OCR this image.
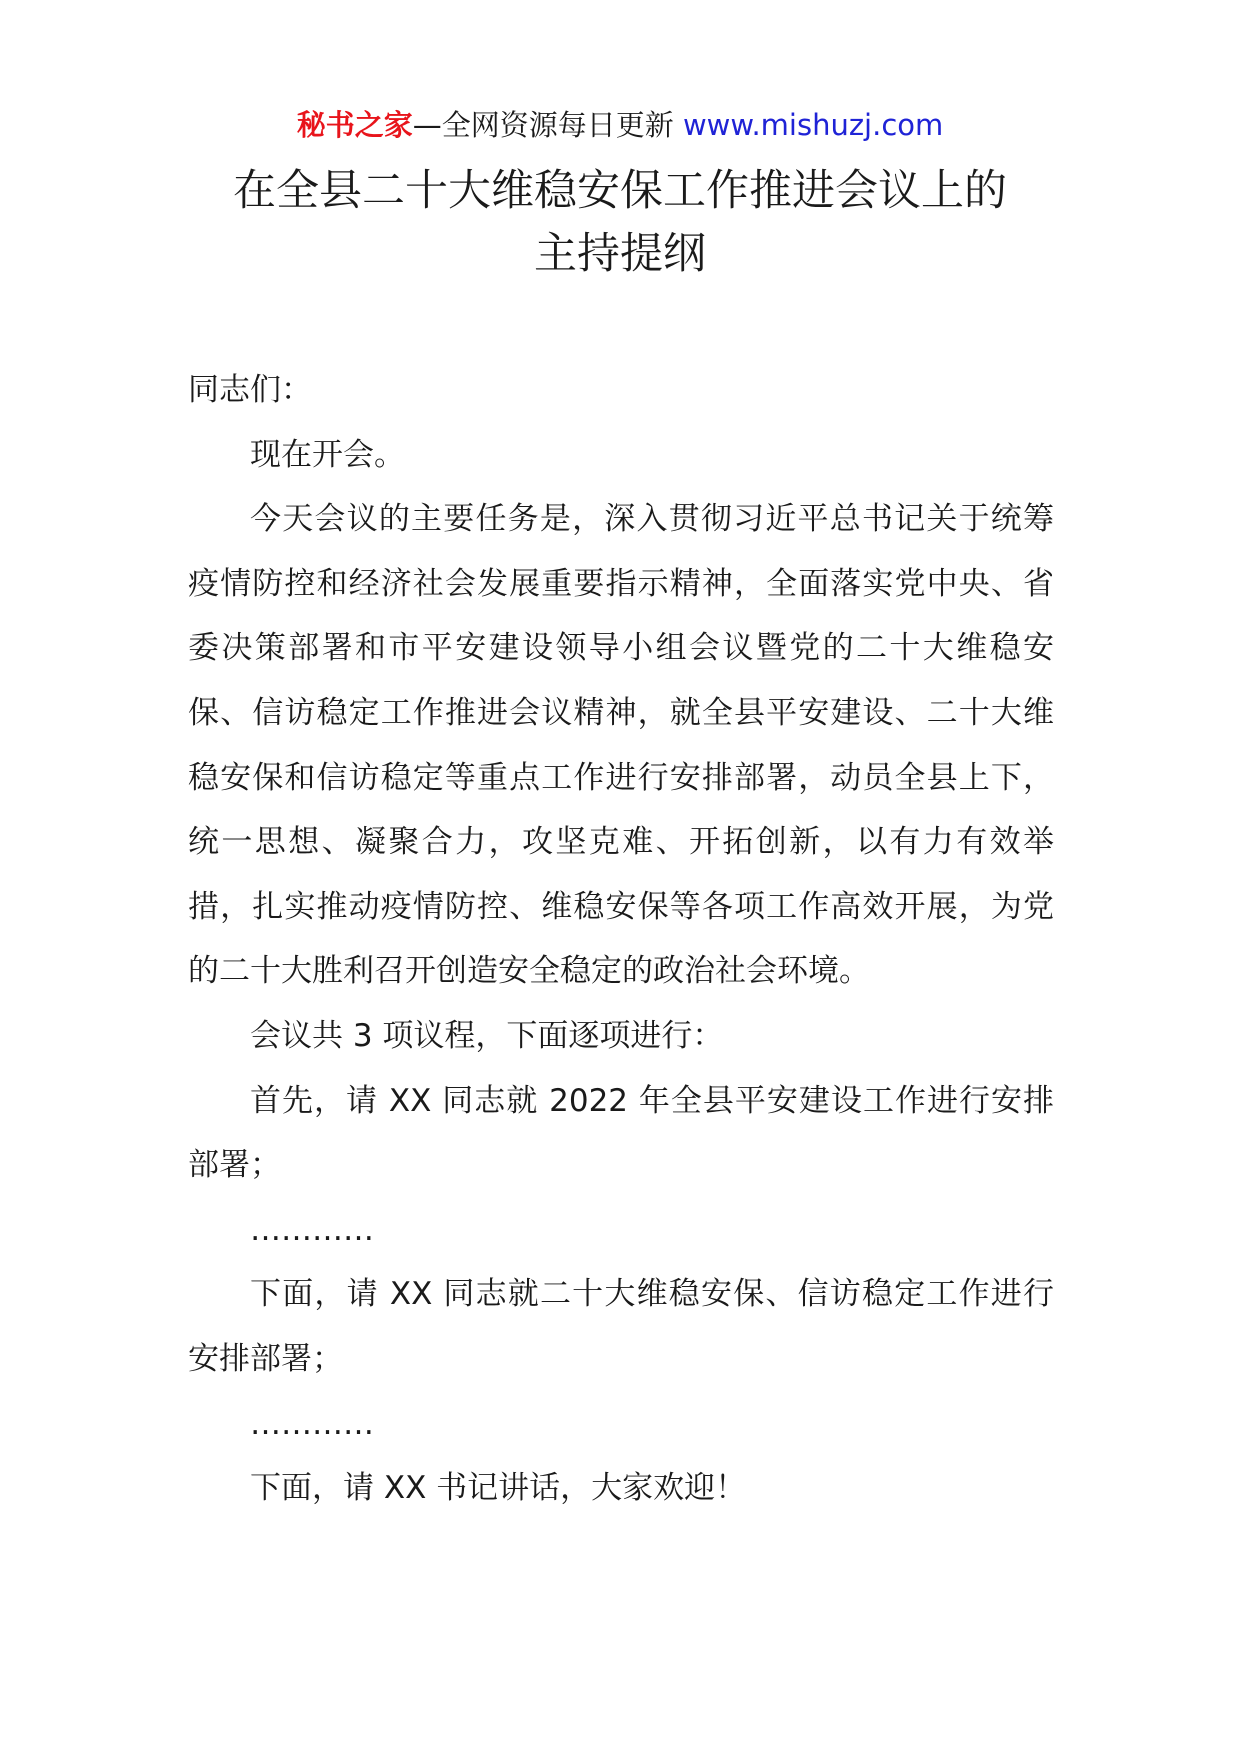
秘书之家—全网资源每日更新 www.mishuzj.com
在全县二十大维稳安保工作推进会议上的
主持提纲

同志们：

现在开会。

今天会议的主要任务是，深入贯彻习近平总书记关于统筹疫情防控和经济社会发展重要指示精神，全面落实党中央、省委决策部署和市平安建设领导小组会议暨党的二十大维稳安保、信访稳定工作推进会议精神，就全县平安建设、二十大维稳安保和信访稳定等重点工作进行安排部署，动员全县上下，统一思想、凝聚合力，攻坚克难、开拓创新，以有力有效举措，扎实推动疫情防控、维稳安保等各项工作高效开展，为党的二十大胜利召开创造安全稳定的政治社会环境。

会议共 3 项议程，下面逐项进行：

首先，请 XX 同志就 2022 年全县平安建设工作进行安排部署；

…………

下面，请 XX 同志就二十大维稳安保、信访稳定工作进行安排部署；

…………

下面，请 XX 书记讲话，大家欢迎！
